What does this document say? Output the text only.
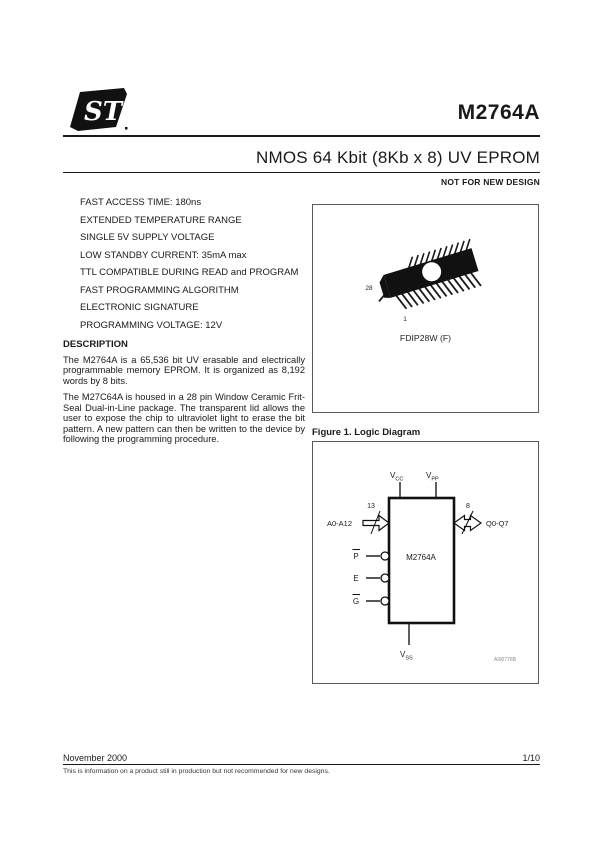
ST	M2764A
NMOS 64 Kbit (8Kb x 8) UV EPROM
NOT FOR NEW DESIGN
FAST ACCESS TIME: 180ns
EXTENDED TEMPERATURE RANGE
SINGLE 5V SUPPLY VOLTAGE
LOW STANDBY CURRENT: 35mA max
TTL COMPATIBLE DURING READ and PROGRAM
FAST PROGRAMMING ALGORITHM
ELECTRONIC SIGNATURE
PROGRAMMING VOLTAGE: 12V
DESCRIPTION

The M2764A is a 65,536 bit UV erasable and electrically programmable memory EPROM. It is organized as 8,192 words by 8 bits.

The M27C64A is housed in a 28 pin Window Ceramic Frit-Seal Dual-in-Line package. The transparent lid allows the user to expose the chip to ultraviolet light to erase the bit pattern. A new pattern can then be written to the device by following the programming procedure.

28
1
FDIP28W (F)
Figure 1. Logic Diagram
$V_{CC}$	$V_{PP}$
M2764A
13
A0-A12
8
Q0-Q7
P
E
G
$V_{SS}$	AI00776B
November 2000	1/10
This is information on a product still in production but not recommended for new designs.
